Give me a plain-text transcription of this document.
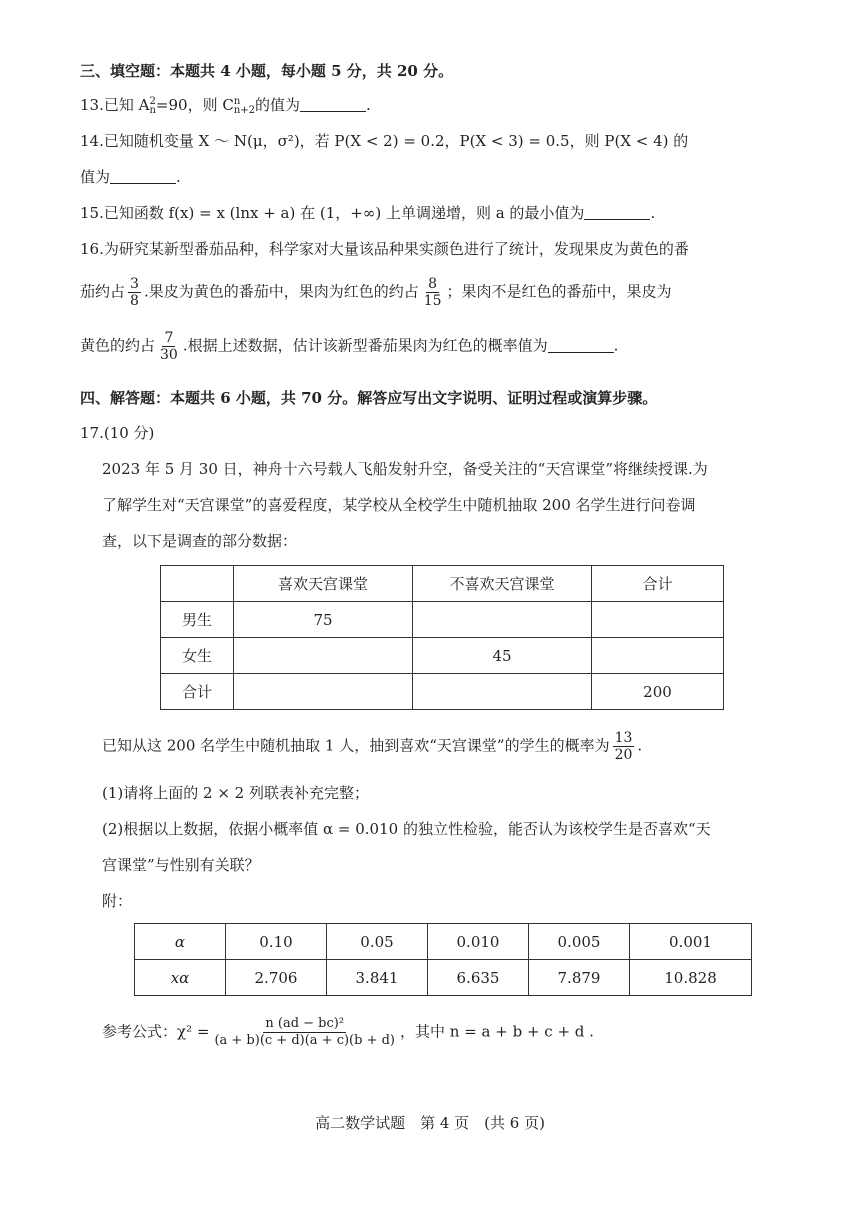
三、填空题：本题共 4 小题，每小题 5 分，共 20 分。
13.已知 A 2
n =90，则 C n
n+2 的值为	.
14.已知随机变量 X ～ N(μ，σ²)，若 P(X < 2) = 0.2，P(X < 3) = 0.5，则 P(X < 4) 的
值为	.
15.已知函数 f(x) = x (lnx + a) 在 (1，+∞) 上单调递增，则 a 的最小值为	.
16.为研究某新型番茄品种，科学家对大量该品种果实颜色进行了统计，发现果皮为黄色的番
茄约占 $\frac{3}{8}$ .果皮为黄色的番茄中，果肉为红色的约占 $\frac{8}{15}$ ；果肉不是红色的番茄中，果皮为
黄色的约占 $\frac{7}{30}$ .根据上述数据，估计该新型番茄果肉为红色的概率值为	.
四、解答题：本题共 6 小题，共 70 分。解答应写出文字说明、证明过程或演算步骤。
17.(10 分)
2023 年 5 月 30 日，神舟十六号载人飞船发射升空，备受关注的“天宫课堂”将继续授课.为
了解学生对“天宫课堂”的喜爱程度，某学校从全校学生中随机抽取 200 名学生进行问卷调
查，以下是调查的部分数据：
	喜欢天宫课堂	不喜欢天宫课堂	合计
男生	75		
女生		45	
合计			200
已知从这 200 名学生中随机抽取 1 人，抽到喜欢“天宫课堂”的学生的概率为 $\frac{13}{20}$ .
(1)请将上面的 2 × 2 列联表补充完整；
(2)根据以上数据，依据小概率值 α = 0.010 的独立性检验，能否认为该校学生是否喜欢“天
宫课堂”与性别有关联？
附：
α	0.10	0.05	0.010	0.005	0.001
xα	2.706	3.841	6.635	7.879	10.828
参考公式：$\chi^2 = \frac{\text{n (ad − bc)²}}{(a + b)(c + d)(a + c)(b + d)}$ ，其中 n = a + b + c + d .
高二数学试题　第 4 页　(共 6 页)
